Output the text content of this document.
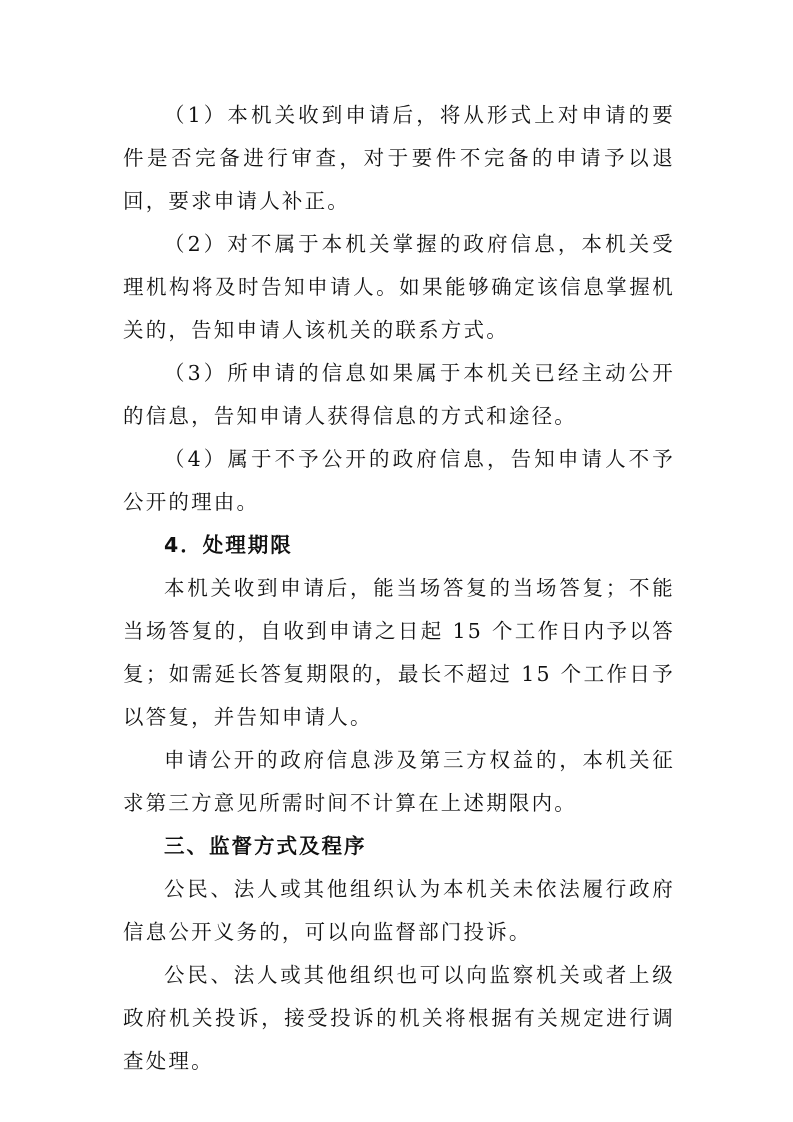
（1）本机关收到申请后，将从形式上对申请的要件是否完备进行审查，对于要件不完备的申请予以退回，要求申请人补正。

（2）对不属于本机关掌握的政府信息，本机关受理机构将及时告知申请人。如果能够确定该信息掌握机关的，告知申请人该机关的联系方式。

（3）所申请的信息如果属于本机关已经主动公开的信息，告知申请人获得信息的方式和途径。

（4）属于不予公开的政府信息，告知申请人不予公开的理由。

4．处理期限

本机关收到申请后，能当场答复的当场答复；不能当场答复的，自收到申请之日起 15 个工作日内予以答复；如需延长答复期限的，最长不超过 15 个工作日予以答复，并告知申请人。

申请公开的政府信息涉及第三方权益的，本机关征求第三方意见所需时间不计算在上述期限内。

三、监督方式及程序

公民、法人或其他组织认为本机关未依法履行政府信息公开义务的，可以向监督部门投诉。

公民、法人或其他组织也可以向监察机关或者上级政府机关投诉，接受投诉的机关将根据有关规定进行调查处理。
